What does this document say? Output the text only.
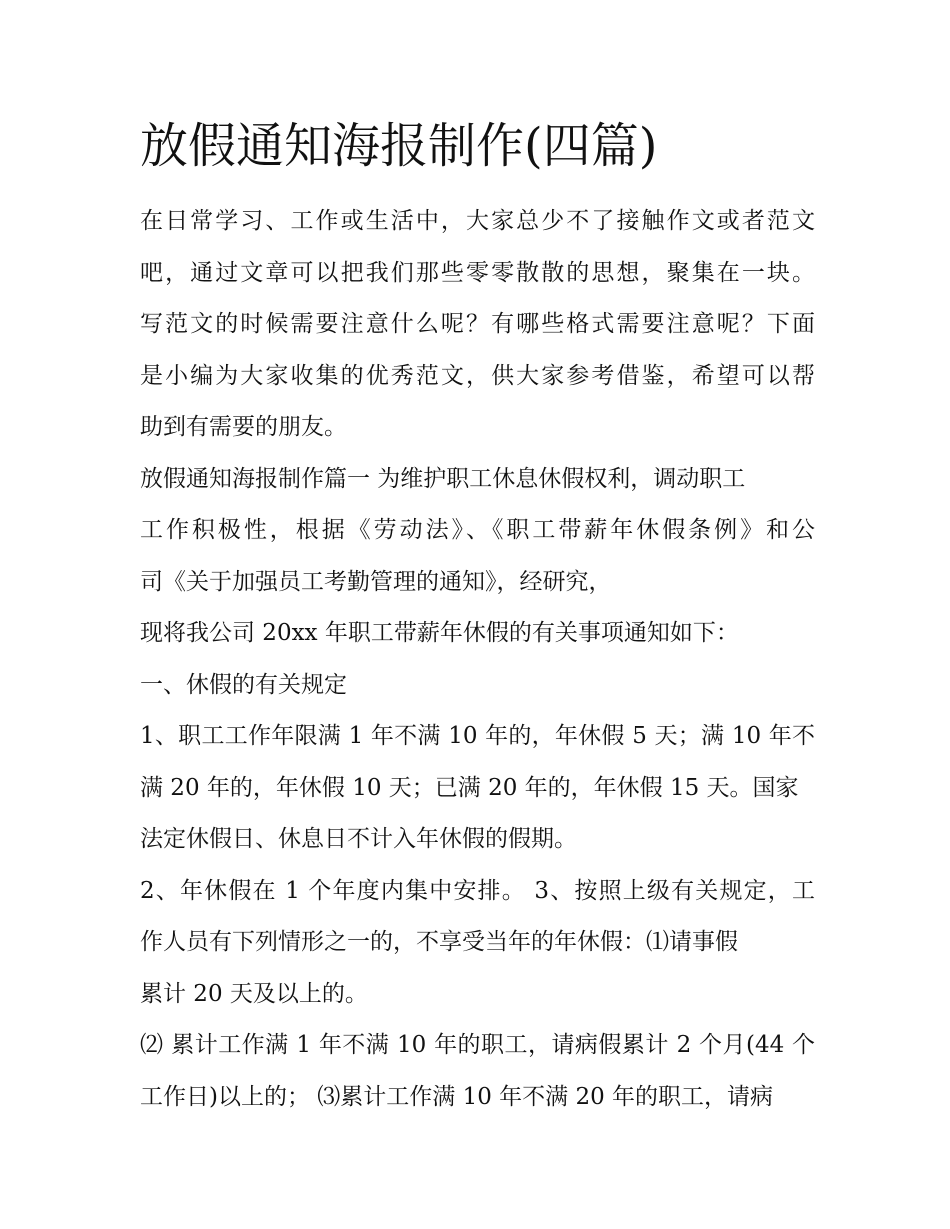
放假通知海报制作(四篇)
在日常学习、工作或生活中，大家总少不了接触作文或者范文
吧，通过文章可以把我们那些零零散散的思想，聚集在一块。
写范文的时候需要注意什么呢？有哪些格式需要注意呢？下面
是小编为大家收集的优秀范文，供大家参考借鉴，希望可以帮
助到有需要的朋友。
放假通知海报制作篇一 为维护职工休息休假权利，调动职工
工作积极性，根据《劳动法》、《职工带薪年休假条例》和公
司《关于加强员工考勤管理的通知》，经研究，
现将我公司 20xx 年职工带薪年休假的有关事项通知如下：
一、休假的有关规定
1、职工工作年限满 1 年不满 10 年的，年休假 5 天；满 10 年不
满 20 年的，年休假 10 天；已满 20 年的，年休假 15 天。国家
法定休假日、休息日不计入年休假的假期。
2、年休假在 1 个年度内集中安排。 3、按照上级有关规定，工
作人员有下列情形之一的，不享受当年的年休假：⑴请事假
累计 20 天及以上的。
⑵ 累计工作满 1 年不满 10 年的职工，请病假累计 2 个月(44 个
工作日)以上的； ⑶累计工作满 10 年不满 20 年的职工，请病
